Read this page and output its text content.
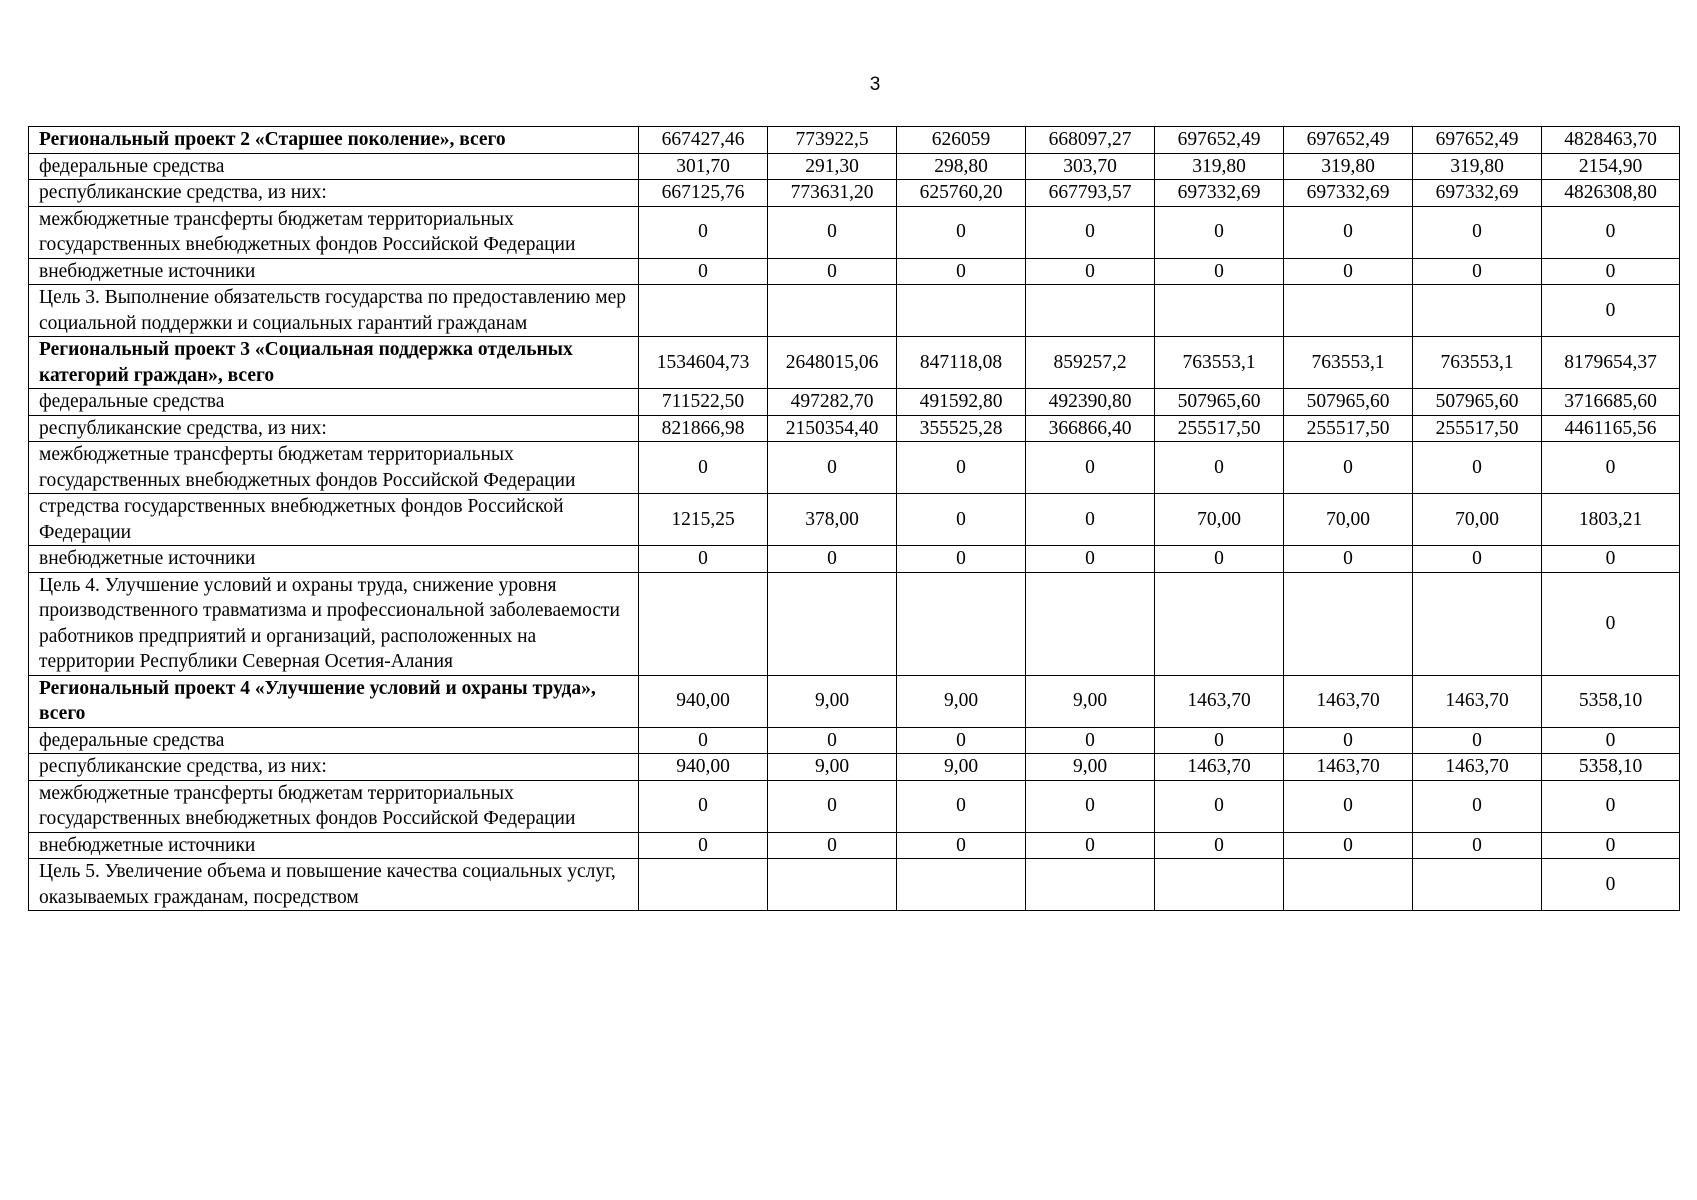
3
Региональный проект 2 «Старшее поколение», всего	667427,46	773922,5	626059	668097,27	697652,49	697652,49	697652,49	4828463,70
федеральные средства	301,70	291,30	298,80	303,70	319,80	319,80	319,80	2154,90
республиканские средства, из них:	667125,76	773631,20	625760,20	667793,57	697332,69	697332,69	697332,69	4826308,80
межбюджетные трансферты бюджетам территориальных государственных внебюджетных фондов Российской Федерации	0	0	0	0	0	0	0	0
внебюджетные источники	0	0	0	0	0	0	0	0
Цель 3. Выполнение обязательств государства по предоставлению мер социальной поддержки и социальных гарантий гражданам								0
Региональный проект 3 «Социальная поддержка отдельных категорий граждан», всего	1534604,73	2648015,06	847118,08	859257,2	763553,1	763553,1	763553,1	8179654,37
федеральные средства	711522,50	497282,70	491592,80	492390,80	507965,60	507965,60	507965,60	3716685,60
республиканские средства, из них:	821866,98	2150354,40	355525,28	366866,40	255517,50	255517,50	255517,50	4461165,56
межбюджетные трансферты бюджетам территориальных государственных внебюджетных фондов Российской Федерации	0	0	0	0	0	0	0	0
стредства государственных внебюджетных фондов Российской Федерации	1215,25	378,00	0	0	70,00	70,00	70,00	1803,21
внебюджетные источники	0	0	0	0	0	0	0	0
Цель 4. Улучшение условий и охраны труда, снижение уровня производственного травматизма и профессиональной заболеваемости работников предприятий и организаций, расположенных на территории Республики Северная Осетия-Алания								0
Региональный проект 4 «Улучшение условий и охраны труда», всего	940,00	9,00	9,00	9,00	1463,70	1463,70	1463,70	5358,10
федеральные средства	0	0	0	0	0	0	0	0
республиканские средства, из них:	940,00	9,00	9,00	9,00	1463,70	1463,70	1463,70	5358,10
межбюджетные трансферты бюджетам территориальных государственных внебюджетных фондов Российской Федерации	0	0	0	0	0	0	0	0
внебюджетные источники	0	0	0	0	0	0	0	0
Цель 5. Увеличение объема и повышение качества социальных услуг, оказываемых гражданам, посредством								0
